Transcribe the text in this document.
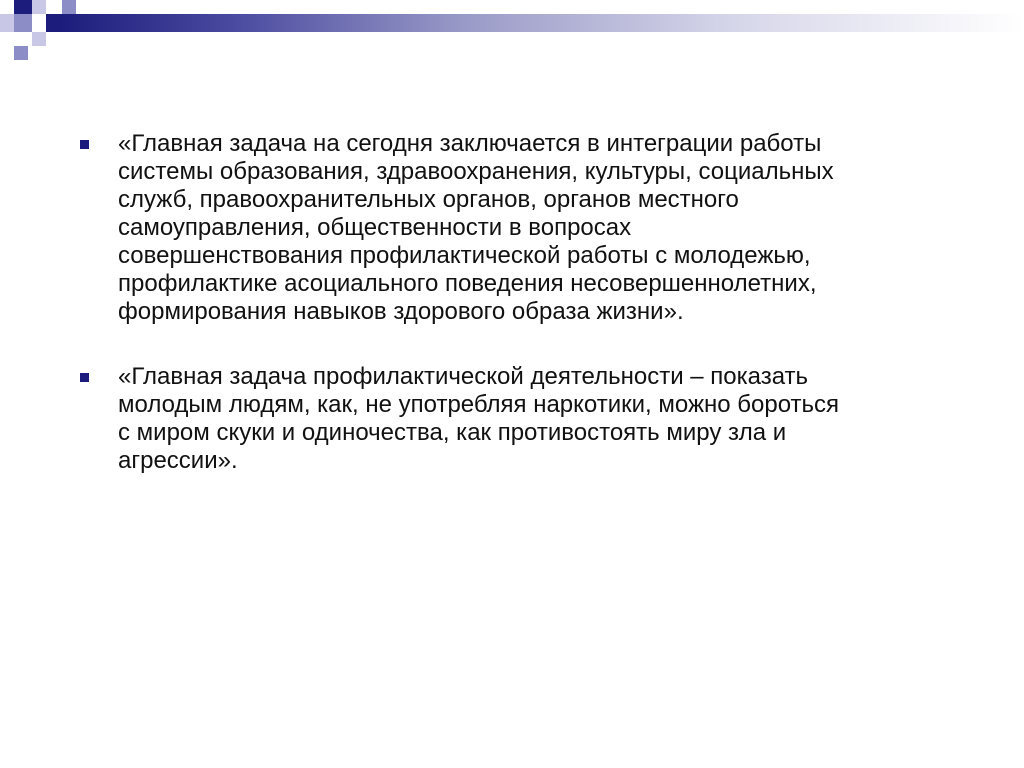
«Главная задача на сегодня заключается в интеграции работы
системы образования, здравоохранения, культуры, социальных
служб, правоохранительных органов, органов местного
самоуправления, общественности в вопросах
совершенствования профилактической работы с молодежью,
профилактике асоциального поведения несовершеннолетних,
формирования навыков здорового образа жизни».
«Главная задача профилактической деятельности – показать
молодым людям, как, не употребляя наркотики, можно бороться
с миром скуки и одиночества, как противостоять миру зла и
агрессии».
